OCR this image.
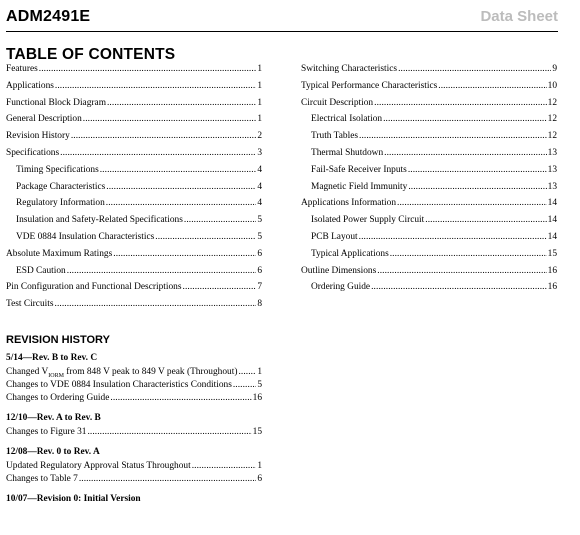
ADM2491E	Data Sheet
TABLE OF CONTENTS
Features .....	1
Applications .....	1
Functional Block Diagram .....	1
General Description .....	1
Revision History .....	2
Specifications .....	3
Timing Specifications .....	4
Package Characteristics .....	4
Regulatory Information .....	4
Insulation and Safety-Related Specifications .....	5
VDE 0884 Insulation Characteristics .....	5
Absolute Maximum Ratings .....	6
ESD Caution .....	6
Pin Configuration and Functional Descriptions .....	7
Test Circuits .....	8
Switching Characteristics .....	9
Typical Performance Characteristics .....	10
Circuit Description .....	12
Electrical Isolation .....	12
Truth Tables .....	12
Thermal Shutdown .....	13
Fail-Safe Receiver Inputs .....	13
Magnetic Field Immunity .....	13
Applications Information .....	14
Isolated Power Supply Circuit .....	14
PCB Layout .....	14
Typical Applications .....	15
Outline Dimensions .....	16
Ordering Guide .....	16
REVISION HISTORY
5/14—Rev. B to Rev. C
Changed $V_{IORM}$ from 848 V peak to 849 V peak (Throughout) ..... 1
Changes to VDE 0884 Insulation Characteristics Conditions .....	5
Changes to Ordering Guide .....	16
12/10—Rev. A to Rev. B
Changes to Figure 31 .....	15
12/08—Rev. 0 to Rev. A
Updated Regulatory Approval Status Throughout .....	1
Changes to Table 7 .....	6
10/07—Revision 0: Initial Version
